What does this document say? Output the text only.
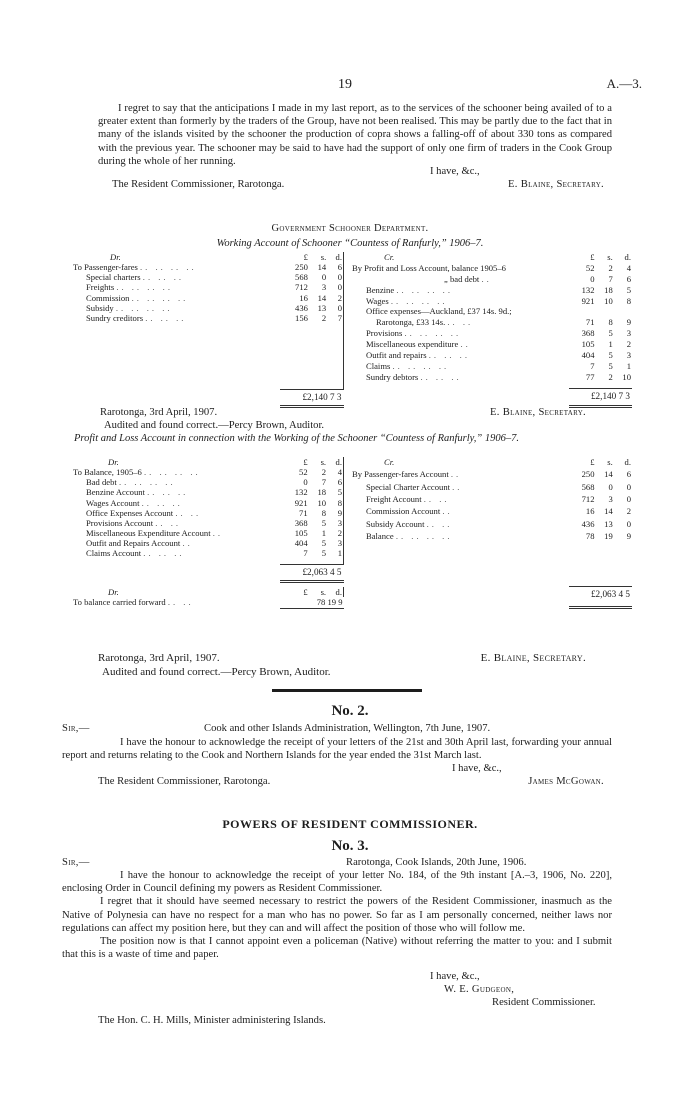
19	A.—3.

I regret to say that the anticipations I made in my last report, as to the services of the schooner being availed of to a greater extent than formerly by the traders of the Group, have not been realised. This may be partly due to the fact that in many of the islands visited by the schooner the production of copra shows a falling-off of about 330 tons as compared with the previous year. The schooner may be said to have had the support of only one firm of traders in the Cook Group during the whole of her running.

I have, &c.,
The Resident Commissioner, Rarotonga.	E. Blaine, Secretary.
Government Schooner Department.
Working Account of Schooner “Countess of Ranfurly,” 1906–7.
Dr.	£	s.	d.
To Passenger-fares .. .. .. ..	250	14	6
Special charters .. .. ..	568	0	0
Freights .. .. .. ..	712	3	0
Commission .. .. .. ..	16	14	2
Subsidy .. .. .. ..	436	13	0
Sundry creditors .. .. ..	156	2	7

	£2,140 7 3		
Cr.	£	s.	d.
By Profit and Loss Account, balance 1905–6	52	2	4
„ bad debt ..	0	7	6
Benzine .. .. .. ..	132	18	5
Wages .. .. .. ..	921	10	8
Office expenses—Auckland, £37 14s. 9d.;			
Rarotonga, £33 14s. .. ..	71	8	9
Provisions .. .. .. ..	368	5	3
Miscellaneous expenditure ..	105	1	2
Outfit and repairs .. .. ..	404	5	3
Claims .. .. .. ..	7	5	1
Sundry debtors .. .. ..	77	2	10

	£2,140 7 3		
Rarotonga, 3rd April, 1907.	E. Blaine, Secretary.
Audited and found correct.—Percy Brown, Auditor.
Profit and Loss Account in connection with the Working of the Schooner “Countess of Ranfurly,” 1906–7.
Dr.	£	s.	d.
To Balance, 1905–6 .. .. .. ..	52	2	4
Bad debt .. .. .. ..	0	7	6
Benzine Account .. .. ..	132	18	5
Wages Account .. .. ..	921	10	8
Office Expenses Account .. ..	71	8	9
Provisions Account .. ..	368	5	3
Miscellaneous Expenditure Account ..	105	1	2
Outfit and Repairs Account ..	404	5	3
Claims Account .. .. ..	7	5	1

	£2,063 4 5		

Dr.	£	s.	d.
To balance carried forward .. ..	78 19 9		
Cr.	£	s.	d.
By Passenger-fares Account ..	250	14	6
Special Charter Account ..	568	0	0
Freight Account .. ..	712	3	0
Commission Account ..	16	14	2
Subsidy Account .. ..	436	13	0
Balance .. .. .. ..	78	19	9

	£2,063 4 5		
Rarotonga, 3rd April, 1907.	E. Blaine, Secretary.
Audited and found correct.—Percy Brown, Auditor.
No. 2.
Sir,—	Cook and other Islands Administration, Wellington, 7th June, 1907.

I have the honour to acknowledge the receipt of your letters of the 21st and 30th April last, forwarding your annual report and returns relating to the Cook and Northern Islands for the year ended the 31st March last.

I have, &c.,
The Resident Commissioner, Rarotonga.	James McGowan.
POWERS OF RESIDENT COMMISSIONER.
No. 3.
Sir,—	Rarotonga, Cook Islands, 20th June, 1906.

I have the honour to acknowledge the receipt of your letter No. 184, of the 9th instant [A.–3, 1906, No. 220], enclosing Order in Council defining my powers as Resident Commissioner.

I regret that it should have seemed necessary to restrict the powers of the Resident Commissioner, inasmuch as the Native of Polynesia can have no respect for a man who has no power. So far as I am personally concerned, neither laws nor regulations can affect my position here, but they can and will affect the position of those who will follow me.

The position now is that I cannot appoint even a policeman (Native) without referring the matter to you: and I submit that this is a waste of time and paper.

I have, &c.,
W. E. Gudgeon,
Resident Commissioner.
The Hon. C. H. Mills, Minister administering Islands.
